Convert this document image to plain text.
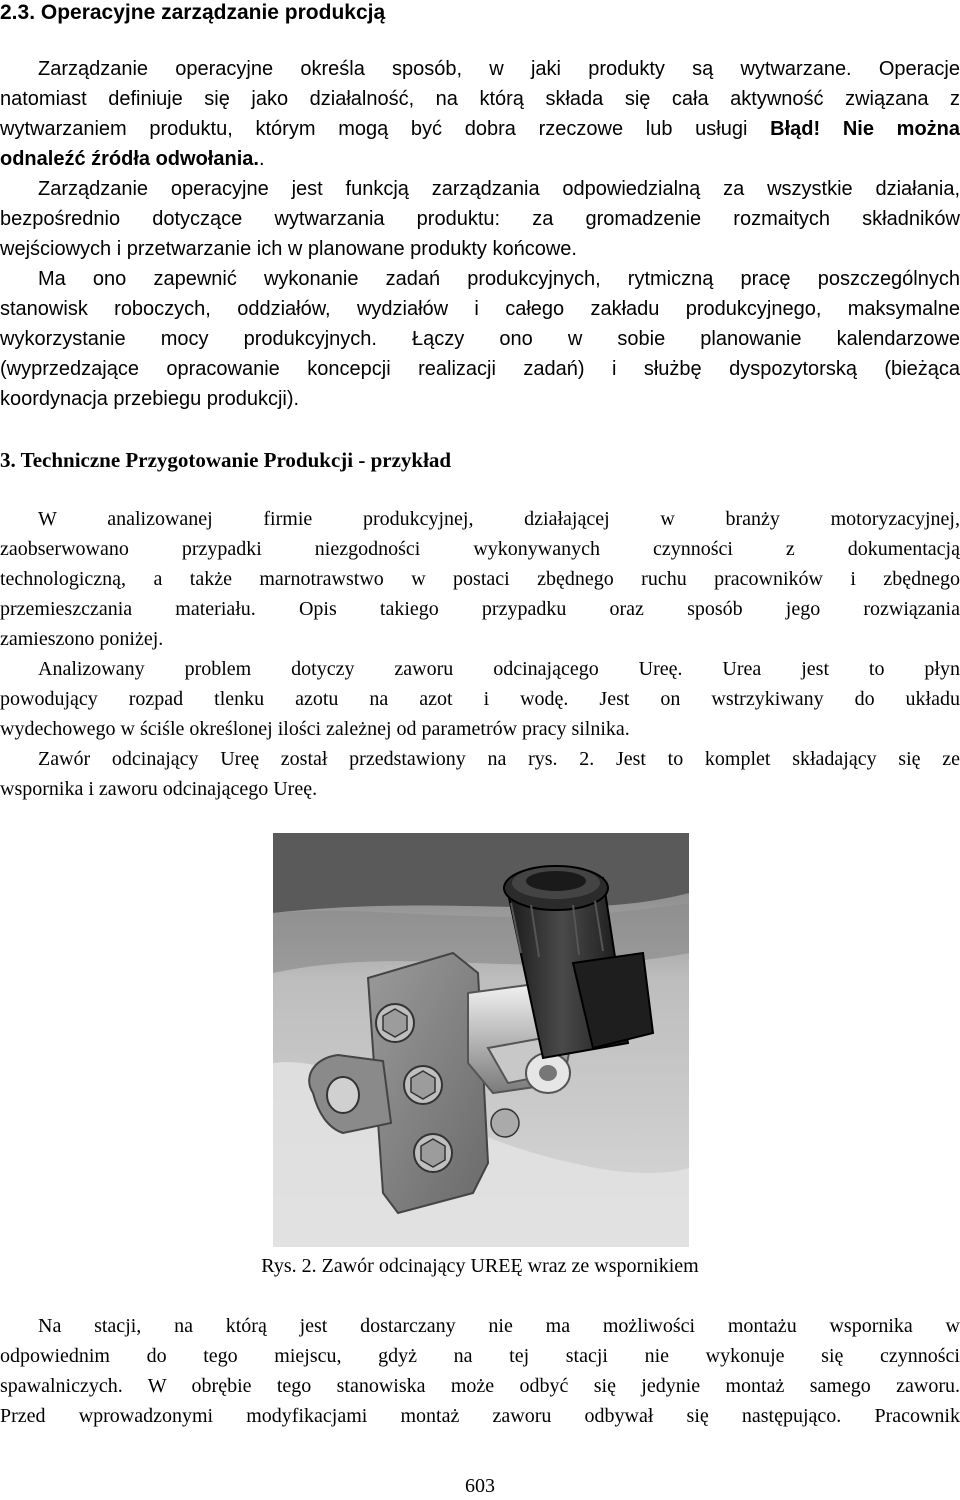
2.3. Operacyjne zarządzanie produkcją
Zarządzanie operacyjne określa sposób, w jaki produkty są wytwarzane. Operacje
natomiast definiuje się jako działalność, na którą składa się cała aktywność związana z
wytwarzaniem produktu, którym mogą być dobra rzeczowe lub usługi Błąd! Nie można
odnaleźć źródła odwołania..
Zarządzanie operacyjne jest funkcją zarządzania odpowiedzialną za wszystkie działania,
bezpośrednio dotyczące wytwarzania produktu: za gromadzenie rozmaitych składników
wejściowych i przetwarzanie ich w planowane produkty końcowe.
Ma ono zapewnić wykonanie zadań produkcyjnych, rytmiczną pracę poszczególnych
stanowisk roboczych, oddziałów, wydziałów i całego zakładu produkcyjnego, maksymalne
wykorzystanie mocy produkcyjnych. Łączy ono w sobie planowanie kalendarzowe
(wyprzedzające opracowanie koncepcji realizacji zadań) i służbę dyspozytorską (bieżąca
koordynacja przebiegu produkcji).
3. Techniczne Przygotowanie Produkcji - przykład
W analizowanej firmie produkcyjnej, działającej w branży motoryzacyjnej,
zaobserwowano przypadki niezgodności wykonywanych czynności z dokumentacją
technologiczną, a także marnotrawstwo w postaci zbędnego ruchu pracowników i zbędnego
przemieszczania materiału. Opis takiego przypadku oraz sposób jego rozwiązania
zamieszono poniżej.
Analizowany problem dotyczy zaworu odcinającego Ureę. Urea jest to płyn
powodujący rozpad tlenku azotu na azot i wodę. Jest on wstrzykiwany do układu
wydechowego w ściśle określonej ilości zależnej od parametrów pracy silnika.
Zawór odcinający Ureę został przedstawiony na rys. 2. Jest to komplet składający się ze
wspornika i zaworu odcinającego Ureę.
Rys. 2. Zawór odcinający UREĘ wraz ze wspornikiem
Na stacji, na którą jest dostarczany nie ma możliwości montażu wspornika w
odpowiednim do tego miejscu, gdyż na tej stacji nie wykonuje się czynności
spawalniczych. W obrębie tego stanowiska może odbyć się jedynie montaż samego zaworu.
Przed wprowadzonymi modyfikacjami montaż zaworu odbywał się następująco. Pracownik
603
